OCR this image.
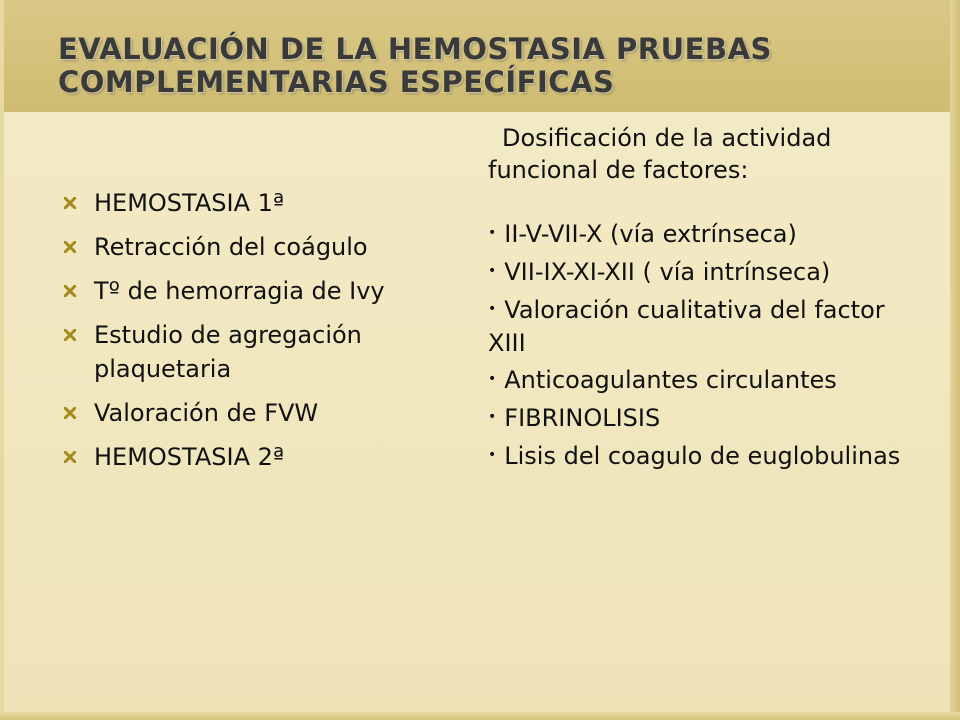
EVALUACIÓN DE LA HEMOSTASIA PRUEBAS
COMPLEMENTARIAS ESPECÍFICAS
HEMOSTASIA 1ª
Retracción del coágulo
Tº de hemorragia de Ivy
Estudio de agregación plaquetaria
Valoración de FVW
HEMOSTASIA 2ª

Dosificación de la actividad
funcional de factores:

• II-V-VII-X (vía extrínseca)
• VII-IX-XI-XII ( vía intrínseca)
• Valoración cualitativa del factor XIII
• Anticoagulantes circulantes
• FIBRINOLISIS
• Lisis del coagulo de euglobulinas
